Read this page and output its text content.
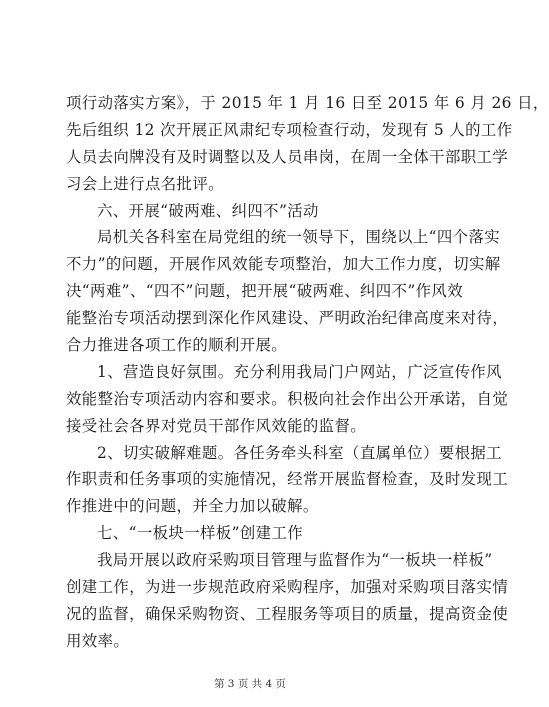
项行动落实方案》，于 2015 年 1 月 16 日至 2015 年 6 月 26 日，
先后组织 12 次开展正风肃纪专项检查行动，发现有 5 人的工作
人员去向牌没有及时调整以及人员串岗，在周一全体干部职工学
习会上进行点名批评。
六、开展“破两难、纠四不”活动
局机关各科室在局党组的统一领导下，围绕以上“四个落实
不力”的问题，开展作风效能专项整治，加大工作力度，切实解
决“两难”、“四不”问题，把开展“破两难、纠四不”作风效
能整治专项活动摆到深化作风建设、严明政治纪律高度来对待，
合力推进各项工作的顺利开展。
1、营造良好氛围。充分利用我局门户网站，广泛宣传作风
效能整治专项活动内容和要求。积极向社会作出公开承诺，自觉
接受社会各界对党员干部作风效能的监督。
2、切实破解难题。各任务牵头科室（直属单位）要根据工
作职责和任务事项的实施情况，经常开展监督检查，及时发现工
作推进中的问题，并全力加以破解。
七、“一板块一样板”创建工作
我局开展以政府采购项目管理与监督作为“一板块一样板”
创建工作，为进一步规范政府采购程序，加强对采购项目落实情
况的监督，确保采购物资、工程服务等项目的质量，提高资金使
用效率。
第 3 页 共 4 页
